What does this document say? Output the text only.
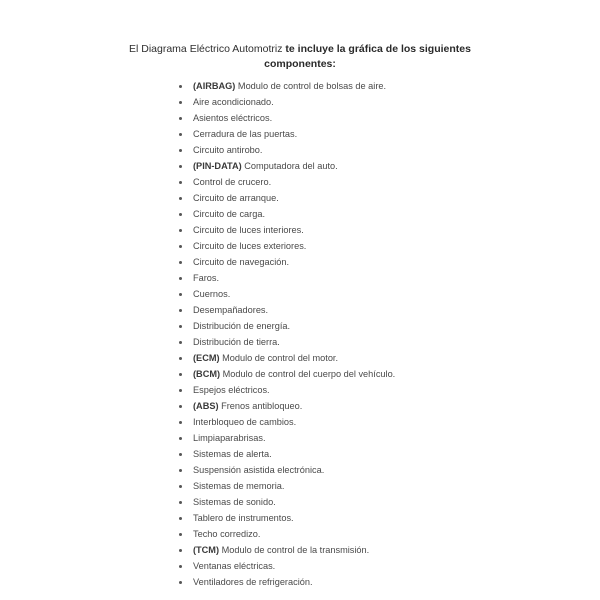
El Diagrama Eléctrico Automotriz te incluye la gráfica de los siguientes
componentes:
(AIRBAG) Modulo de control de bolsas de aire.
Aire acondicionado.
Asientos eléctricos.
Cerradura de las puertas.
Circuito antirobo.
(PIN-DATA) Computadora del auto.
Control de crucero.
Circuito de arranque.
Circuito de carga.
Circuito de luces interiores.
Circuito de luces exteriores.
Circuito de navegación.
Faros.
Cuernos.
Desempañadores.
Distribución de energía.
Distribución de tierra.
(ECM) Modulo de control del motor.
(BCM) Modulo de control del cuerpo del vehículo.
Espejos eléctricos.
(ABS) Frenos antibloqueo.
Interbloqueo de cambios.
Limpiaparabrisas.
Sistemas de alerta.
Suspensión asistida electrónica.
Sistemas de memoria.
Sistemas de sonido.
Tablero de instrumentos.
Techo corredizo.
(TCM) Modulo de control de la transmisión.
Ventanas eléctricas.
Ventiladores de refrigeración.
